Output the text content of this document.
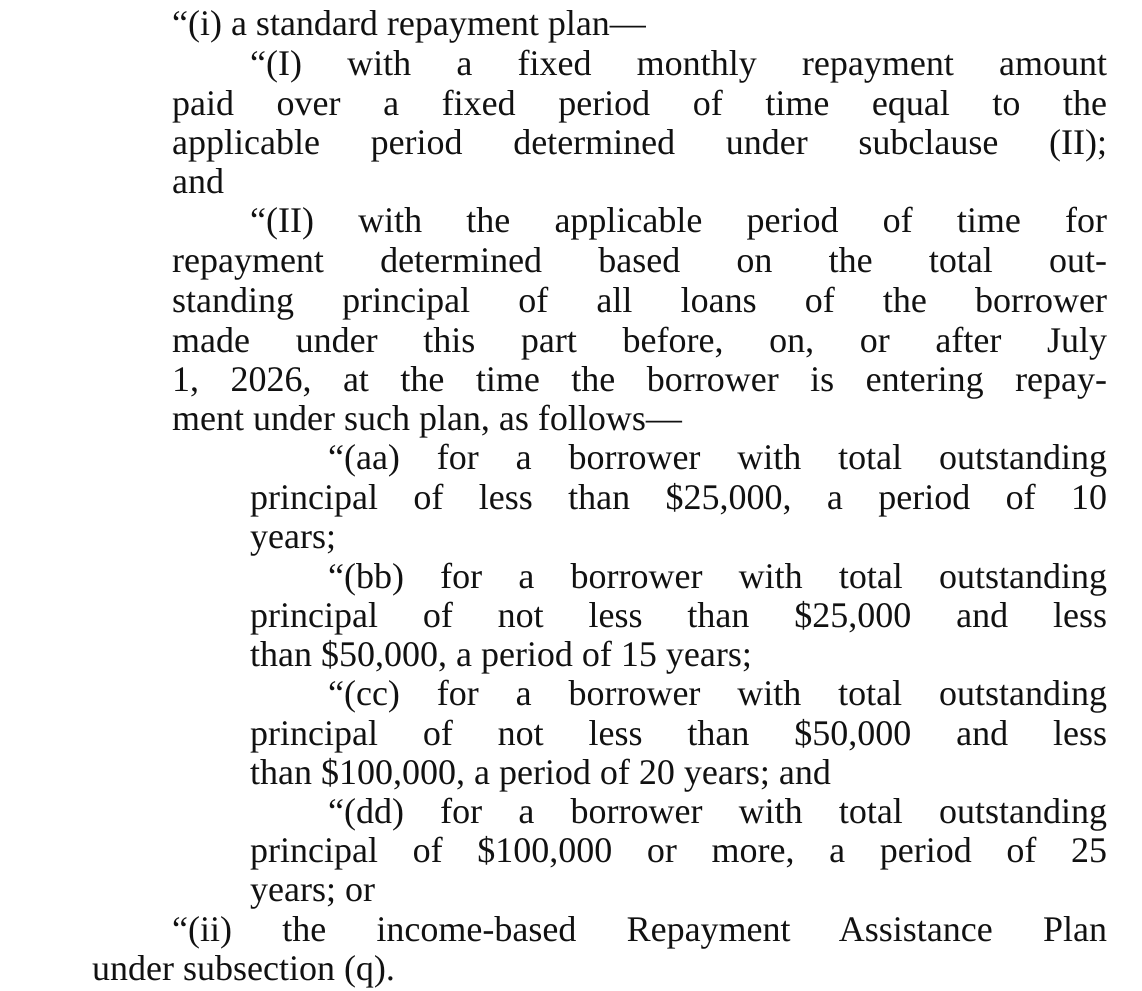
“(i) a standard repayment plan—
“(I) with a fixed monthly repayment amount
paid over a fixed period of time equal to the
applicable period determined under subclause (II);
and
“(II) with the applicable period of time for
repayment determined based on the total out-
standing principal of all loans of the borrower
made under this part before, on, or after July
1, 2026, at the time the borrower is entering repay-
ment under such plan, as follows—
“(aa) for a borrower with total outstanding
principal of less than $25,000, a period of 10
years;
“(bb) for a borrower with total outstanding
principal of not less than $25,000 and less
than $50,000, a period of 15 years;
“(cc) for a borrower with total outstanding
principal of not less than $50,000 and less
than $100,000, a period of 20 years; and
“(dd) for a borrower with total outstanding
principal of $100,000 or more, a period of 25
years; or
“(ii) the income-based Repayment Assistance Plan
under subsection (q).
